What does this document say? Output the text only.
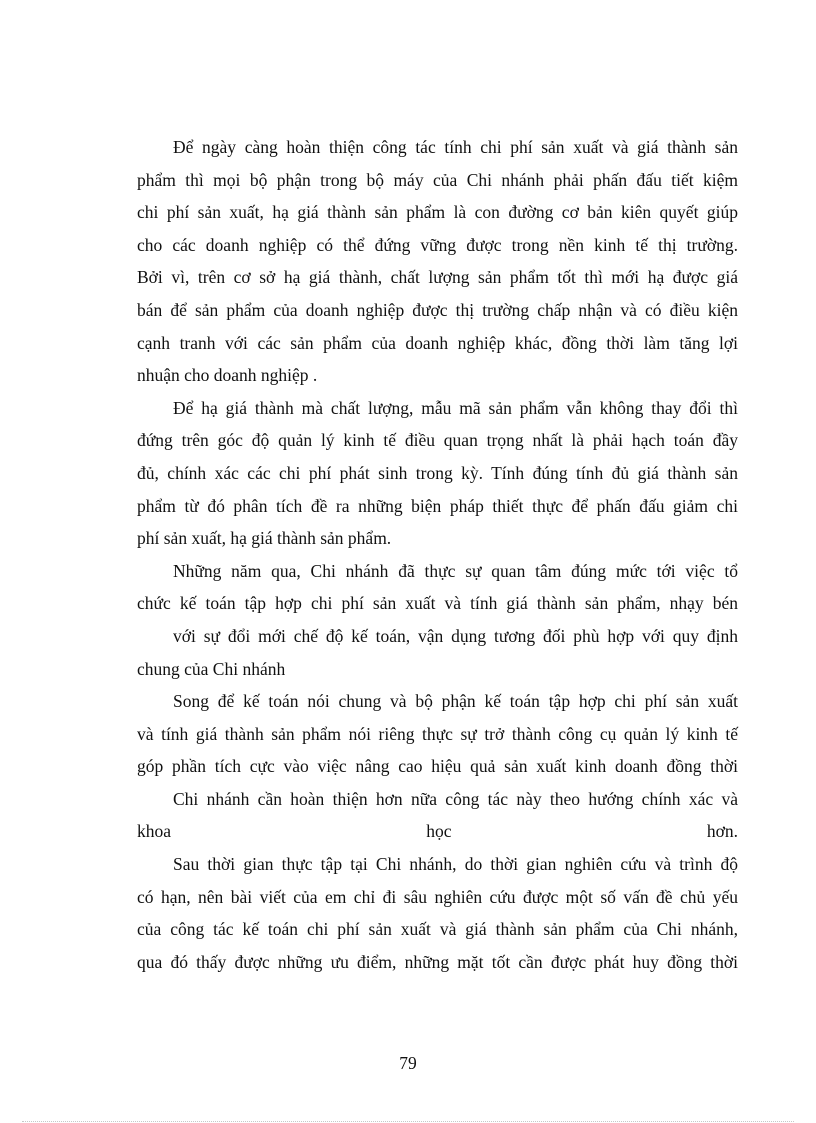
Để ngày càng hoàn thiện công tác tính chi phí sản xuất và giá thành sản
phẩm thì mọi bộ phận trong bộ máy của Chi nhánh phải phấn đấu tiết kiệm
chi phí sản xuất, hạ giá thành sản phẩm là con đường cơ bản kiên quyết giúp
cho các doanh nghiệp có thể đứng vững được trong nền kinh tế thị trường.
Bởi vì, trên cơ sở hạ giá thành, chất lượng sản phẩm tốt thì mới hạ được giá
bán để sản phẩm của doanh nghiệp được thị trường chấp nhận và có điều kiện
cạnh tranh với các sản phẩm của doanh nghiệp khác, đồng thời làm tăng lợi
nhuận cho doanh nghiệp .
Để hạ giá thành mà chất lượng, mẫu mã sản phẩm vẫn không thay đổi thì
đứng trên góc độ quản lý kinh tế điều quan trọng nhất là phải hạch toán đầy
đủ, chính xác các chi phí phát sinh trong kỳ. Tính đúng tính đủ giá thành sản
phẩm từ đó phân tích đề ra những biện pháp thiết thực để phấn đấu giảm chi
phí sản xuất, hạ giá thành sản phẩm.
Những năm qua, Chi nhánh đã thực sự quan tâm đúng mức tới việc tổ
chức kế toán tập hợp chi phí sản xuất và tính giá thành sản phẩm, nhạy bén
với sự đổi mới chế độ kế toán, vận dụng tương đối phù hợp với quy định
chung của Chi nhánh
Song để kế toán nói chung và bộ phận kế toán tập hợp chi phí sản xuất
và tính giá thành sản phẩm nói riêng thực sự trở thành công cụ quản lý kinh tế
góp phần tích cực vào việc nâng cao hiệu quả sản xuất kinh doanh đồng thời
Chi nhánh cần hoàn thiện hơn nữa công tác này theo hướng chính xác và
khoa học hơn.
Sau thời gian thực tập tại Chi nhánh, do thời gian nghiên cứu và trình độ
có hạn, nên bài viết của em chỉ đi sâu nghiên cứu được một số vấn đề chủ yếu
của công tác kế toán chi phí sản xuất và giá thành sản phẩm của Chi nhánh,
qua đó thấy được những ưu điểm, những mặt tốt cần được phát huy đồng thời
79
